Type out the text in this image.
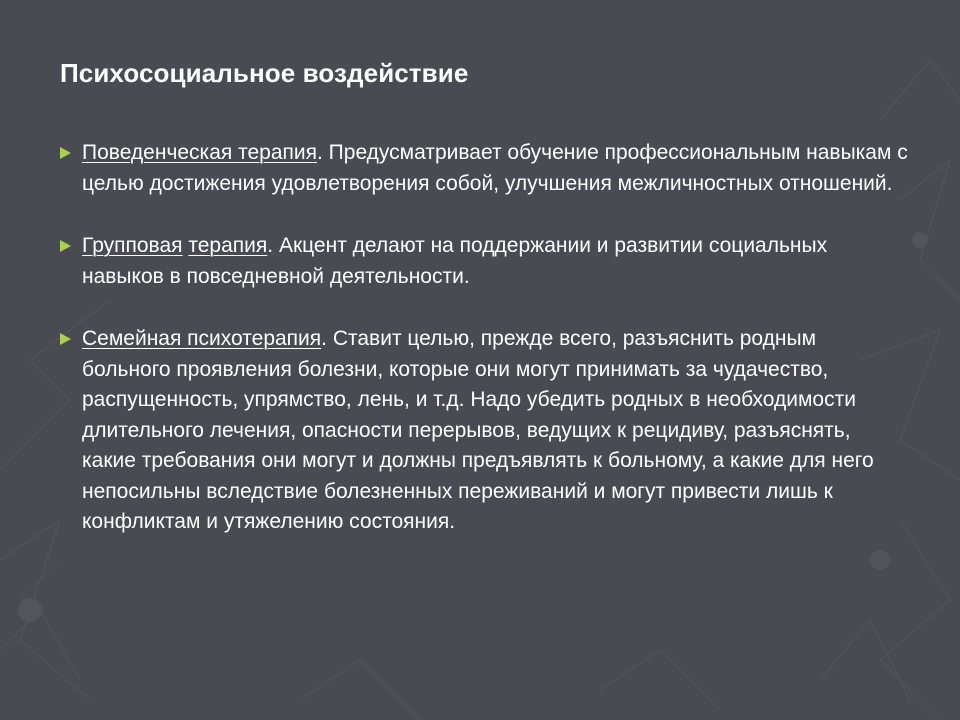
Психосоциальное воздействие
Поведенческая терапия. Предусматривает обучение профессиональным навыкам с целью достижения удовлетворения собой, улучшения межличностных отношений.
Групповая терапия. Акцент делают на поддержании и развитии социальных навыков в повседневной деятельности.
Семейная психотерапия. Ставит целью, прежде всего, разъяснить родным больного проявления болезни, которые они могут принимать за чудачество, распущенность, упрямство, лень, и т.д. Надо убедить родных в необходимости длительного лечения, опасности перерывов, ведущих к рецидиву, разъяснять, какие требования они могут и должны предъявлять к больному, а какие для него непосильны вследствие болезненных переживаний и могут привести лишь к конфликтам и утяжелению состояния.
